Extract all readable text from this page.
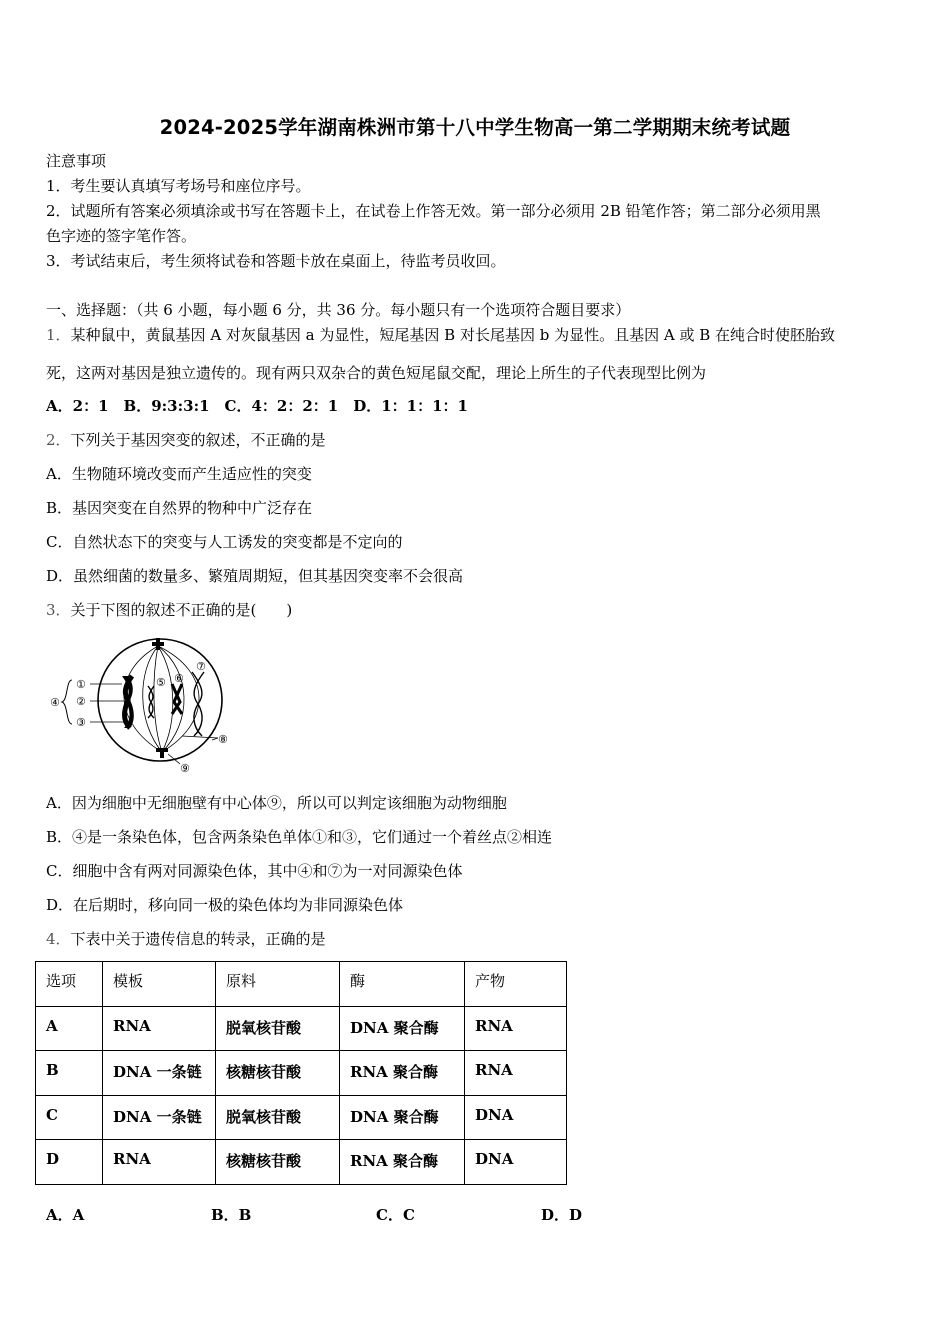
2024-2025学年湖南株洲市第十八中学生物高一第二学期期末统考试题
注意事项
1．考生要认真填写考场号和座位序号。
2．试题所有答案必须填涂或书写在答题卡上，在试卷上作答无效。第一部分必须用 2B 铅笔作答；第二部分必须用黑
色字迹的签字笔作答。
3．考试结束后，考生须将试卷和答题卡放在桌面上，待监考员收回。
一、选择题：（共 6 小题，每小题 6 分，共 36 分。每小题只有一个选项符合题目要求）
1．某种鼠中，黄鼠基因 A 对灰鼠基因 a 为显性，短尾基因 B 对长尾基因 b 为显性。且基因 A 或 B 在纯合时使胚胎致
死，这两对基因是独立遗传的。现有两只双杂合的黄色短尾鼠交配，理论上所生的子代表现型比例为
A．2：1　B．9:3:3:1　C．4：2：2：1　D．1：1：1：1
2．下列关于基因突变的叙述，不正确的是
A．生物随环境改变而产生适应性的突变
B．基因突变在自然界的物种中广泛存在
C．自然状态下的突变与人工诱发的突变都是不定向的
D．虽然细菌的数量多、繁殖周期短，但其基因突变率不会很高
3．关于下图的叙述不正确的是(　　)
①
②
③
④
⑤ ⑥
⑦
⑧
⑨
A．因为细胞中无细胞壁有中心体⑨，所以可以判定该细胞为动物细胞
B．④是一条染色体，包含两条染色单体①和③，它们通过一个着丝点②相连
C．细胞中含有两对同源染色体，其中④和⑦为一对同源染色体
D．在后期时，移向同一极的染色体均为非同源染色体
4．下表中关于遗传信息的转录，正确的是
选项	模板	原料	酶	产物
A	RNA	脱氧核苷酸	DNA 聚合酶	RNA
B	DNA 一条链	核糖核苷酸	RNA 聚合酶	RNA
C	DNA 一条链	脱氧核苷酸	DNA 聚合酶	DNA
D	RNA	核糖核苷酸	RNA 聚合酶	DNA
A．A	B．B	C．C	D．D
